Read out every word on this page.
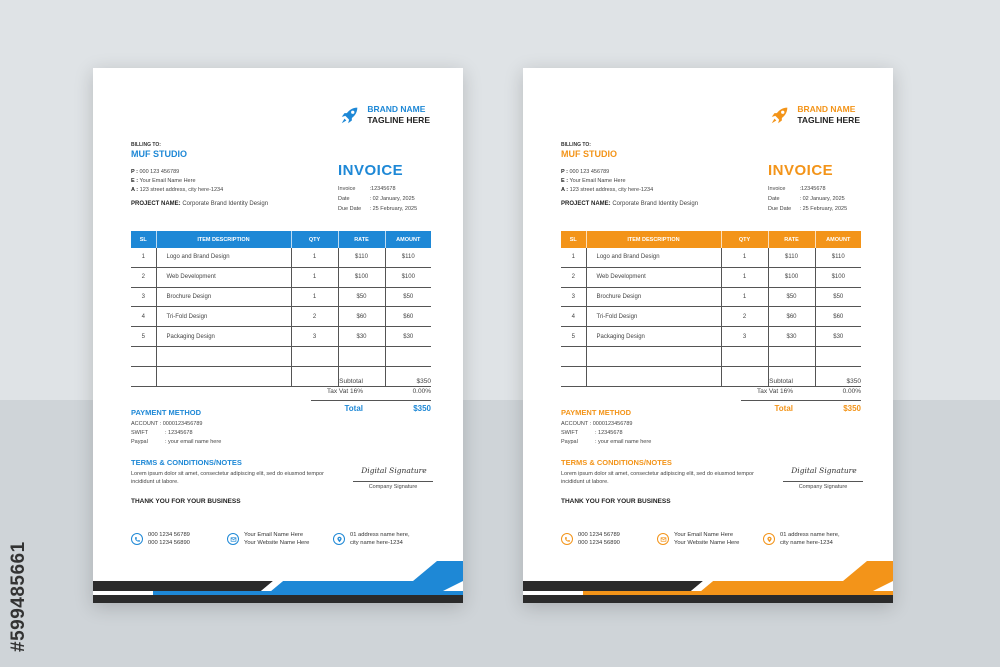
#599485661
BRAND NAME
TAGLINE HERE
BILLING TO:
MUF STUDIO
P : 000 123 456789
E : Your Email Name Here
A : 123 street address, city here-1234
PROJECT NAME: Corporate Brand Identity Design
INVOICE
Invoice	:12345678
Date	: 02 January, 2025
Due Date : 25 February, 2025
SL	ITEM DESCRIPTION	QTY	RATE	AMOUNT
1	Logo and Brand Design	1	$110	$110
2	Web Development	1	$100	$100
3	Brochure Design	1	$50	$50
4	Tri-Fold Design	2	$60	$60
5	Packaging Design	3	$30	$30

Subtotal	$350
Tax Vat 16%	0.00%
Total	$350
PAYMENT METHOD
ACCOUNT : 0000123456789
SWIFT	: 12345678
Paypal	: your email name here
TERMS & CONDITIONS/NOTES
Lorem ipsum dolor sit amet, consectetur adipiscing elit, sed do eiusmod tempor incididunt ut labore.
Digital Signature
Company Signature
THANK YOU FOR YOUR BUSINESS
000 1234 56789
000 1234 56890
Your Email Name Here
Your Website Name Here
01 address name here,
city name here-1234
BRAND NAME
TAGLINE HERE
BILLING TO:
MUF STUDIO
P : 000 123 456789
E : Your Email Name Here
A : 123 street address, city here-1234
PROJECT NAME: Corporate Brand Identity Design
INVOICE
Invoice	:12345678
Date	: 02 January, 2025
Due Date : 25 February, 2025
SL	ITEM DESCRIPTION	QTY	RATE	AMOUNT
1	Logo and Brand Design	1	$110	$110
2	Web Development	1	$100	$100
3	Brochure Design	1	$50	$50
4	Tri-Fold Design	2	$60	$60
5	Packaging Design	3	$30	$30

Subtotal	$350
Tax Vat 16%	0.00%
Total	$350
PAYMENT METHOD
ACCOUNT : 0000123456789
SWIFT	: 12345678
Paypal	: your email name here
TERMS & CONDITIONS/NOTES
Lorem ipsum dolor sit amet, consectetur adipiscing elit, sed do eiusmod tempor incididunt ut labore.
Digital Signature
Company Signature
THANK YOU FOR YOUR BUSINESS
000 1234 56789
000 1234 56890
Your Email Name Here
Your Website Name Here
01 address name here,
city name here-1234
